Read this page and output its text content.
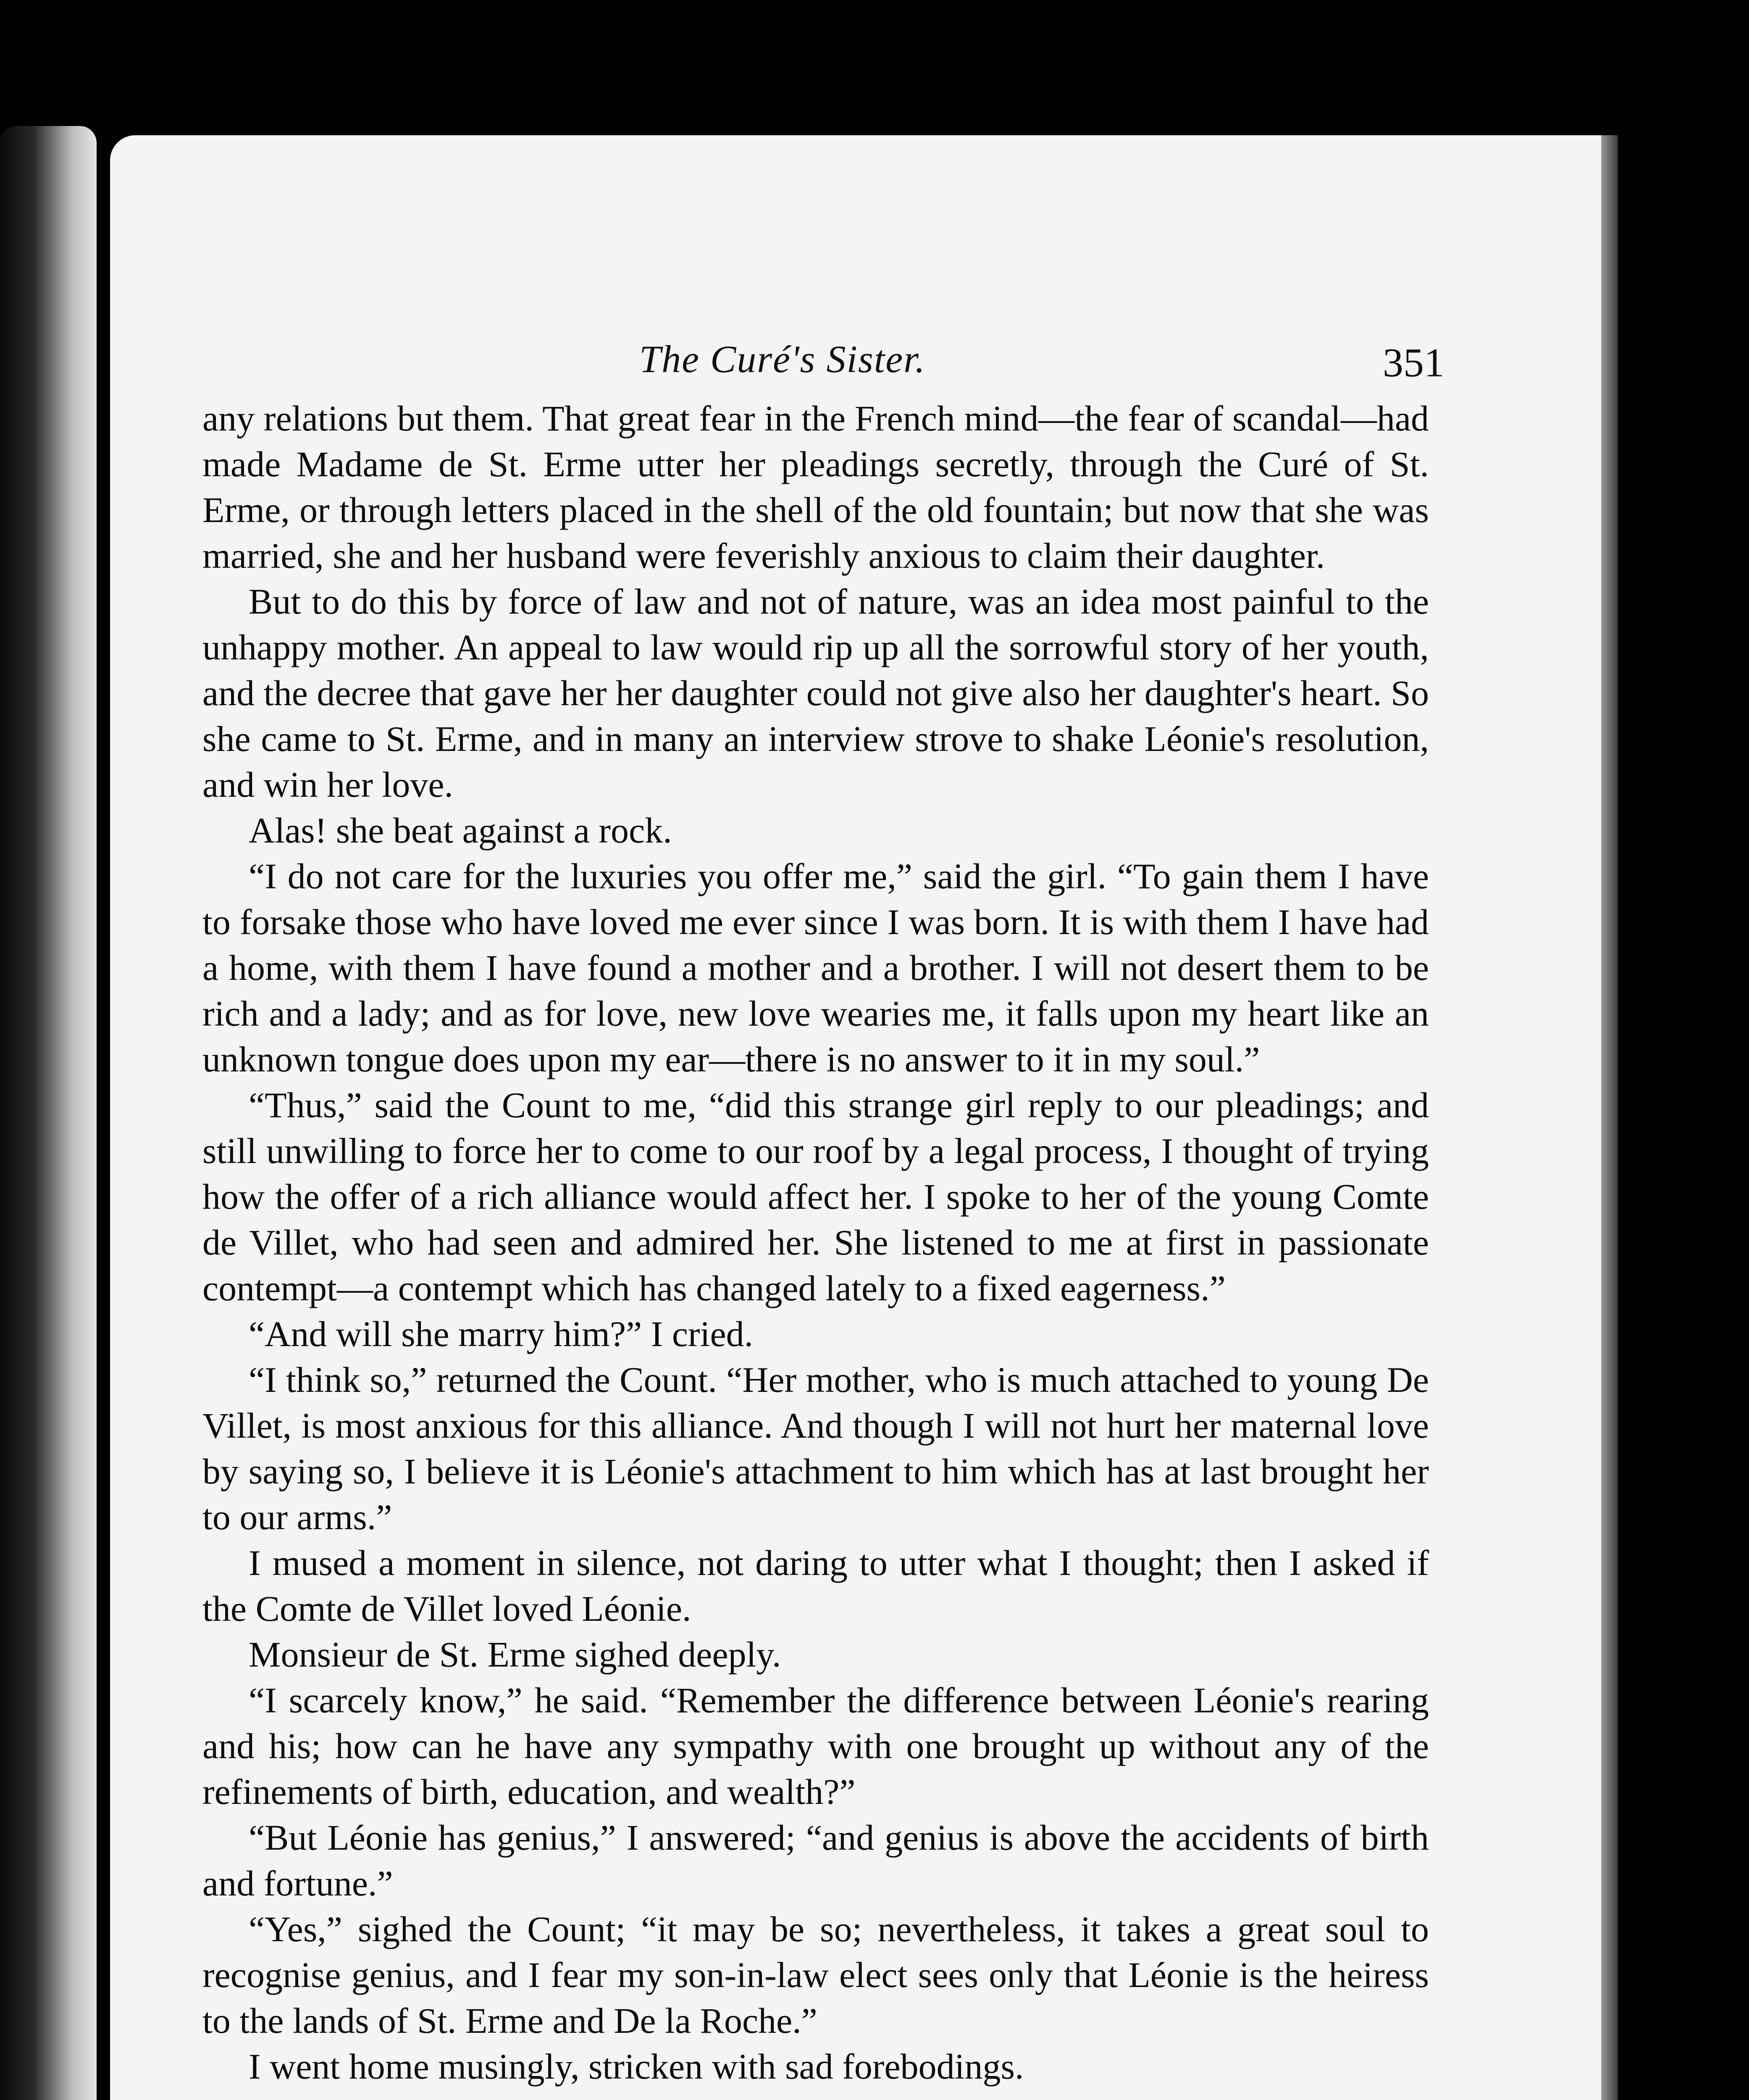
The Curé's Sister.	351

any relations but them. That great fear in the French mind—the fear of scandal—had made Madame de St. Erme utter her pleadings secretly, through the Curé of St. Erme, or through letters placed in the shell of the old fountain; but now that she was married, she and her husband were feverishly anxious to claim their daughter.

But to do this by force of law and not of nature, was an idea most painful to the unhappy mother. An appeal to law would rip up all the sorrowful story of her youth, and the decree that gave her her daughter could not give also her daughter's heart. So she came to St. Erme, and in many an interview strove to shake Léonie's resolution, and win her love.

Alas! she beat against a rock.

“I do not care for the luxuries you offer me,” said the girl. “To gain them I have to forsake those who have loved me ever since I was born. It is with them I have had a home, with them I have found a mother and a brother. I will not desert them to be rich and a lady; and as for love, new love wearies me, it falls upon my heart like an unknown tongue does upon my ear—there is no answer to it in my soul.”

“Thus,” said the Count to me, “did this strange girl reply to our pleadings; and still unwilling to force her to come to our roof by a legal process, I thought of trying how the offer of a rich alliance would affect her. I spoke to her of the young Comte de Villet, who had seen and admired her. She listened to me at first in passionate contempt—a contempt which has changed lately to a fixed eagerness.”

“And will she marry him?” I cried.

“I think so,” returned the Count. “Her mother, who is much attached to young De Villet, is most anxious for this alliance. And though I will not hurt her maternal love by saying so, I believe it is Léonie's attachment to him which has at last brought her to our arms.”

I mused a moment in silence, not daring to utter what I thought; then I asked if the Comte de Villet loved Léonie.

Monsieur de St. Erme sighed deeply.

“I scarcely know,” he said. “Remember the difference between Léonie's rearing and his; how can he have any sympathy with one brought up without any of the refinements of birth, education, and wealth?”

“But Léonie has genius,” I answered; “and genius is above the accidents of birth and fortune.”

“Yes,” sighed the Count; “it may be so; nevertheless, it takes a great soul to recognise genius, and I fear my son-in-law elect sees only that Léonie is the heiress to the lands of St. Erme and De la Roche.”

I went home musingly, stricken with sad forebodings.
